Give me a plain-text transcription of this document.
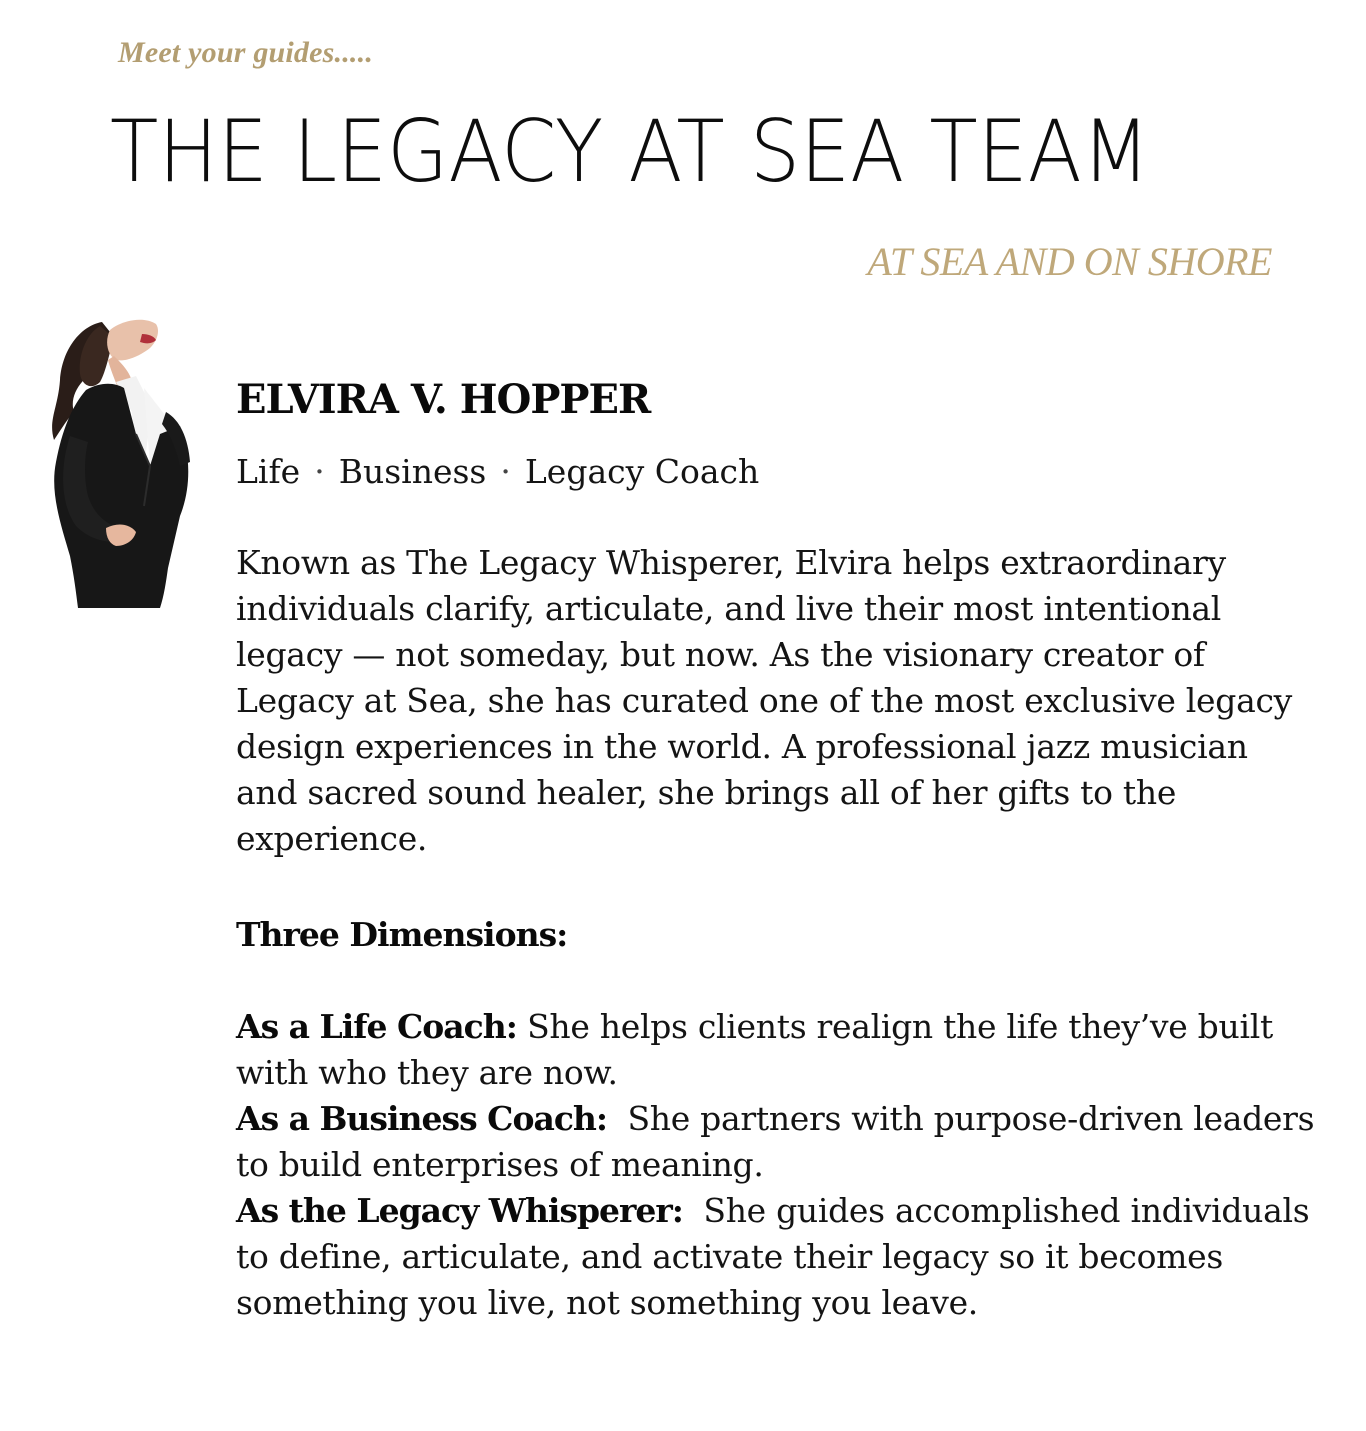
Meet your guides.....
THE LEGACY AT SEA TEAM
AT SEA AND ON SHORE
ELVIRA V. HOPPER
Life · Business · Legacy Coach

Known as The Legacy Whisperer, Elvira helps extraordinary individuals clarify, articulate, and live their most intentional legacy — not someday, but now. As the visionary creator of Legacy at Sea, she has curated one of the most exclusive legacy design experiences in the world. A professional jazz musician and sacred sound healer, she brings all of her gifts to the experience.

Three Dimensions:

As a Life Coach: She helps clients realign the life they’ve built with who they are now.

As a Business Coach: She partners with purpose-driven leaders to build enterprises of meaning.

As the Legacy Whisperer: She guides accomplished individuals to define, articulate, and activate their legacy so it becomes something you live, not something you leave.
